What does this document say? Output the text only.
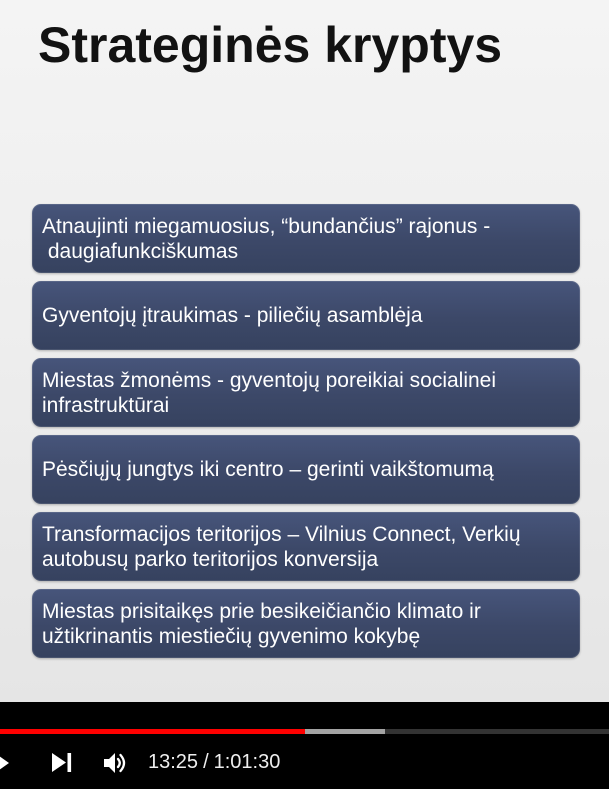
Strateginės kryptys
Atnaujinti miegamuosius, “bundančius” rajonus -
daugiafunkciškumas
Gyventojų įtraukimas - piliečių asamblėja
Miestas žmonėms - gyventojų poreikiai socialinei
infrastruktūrai
Pėsčiųjų jungtys iki centro – gerinti vaikštomumą
Transformacijos teritorijos – Vilnius Connect, Verkių
autobusų parko teritorijos konversija
Miestas prisitaikęs prie besikeičiančio klimato ir
užtikrinantis miestiečių gyvenimo kokybę
13:25 / 1:01:30
